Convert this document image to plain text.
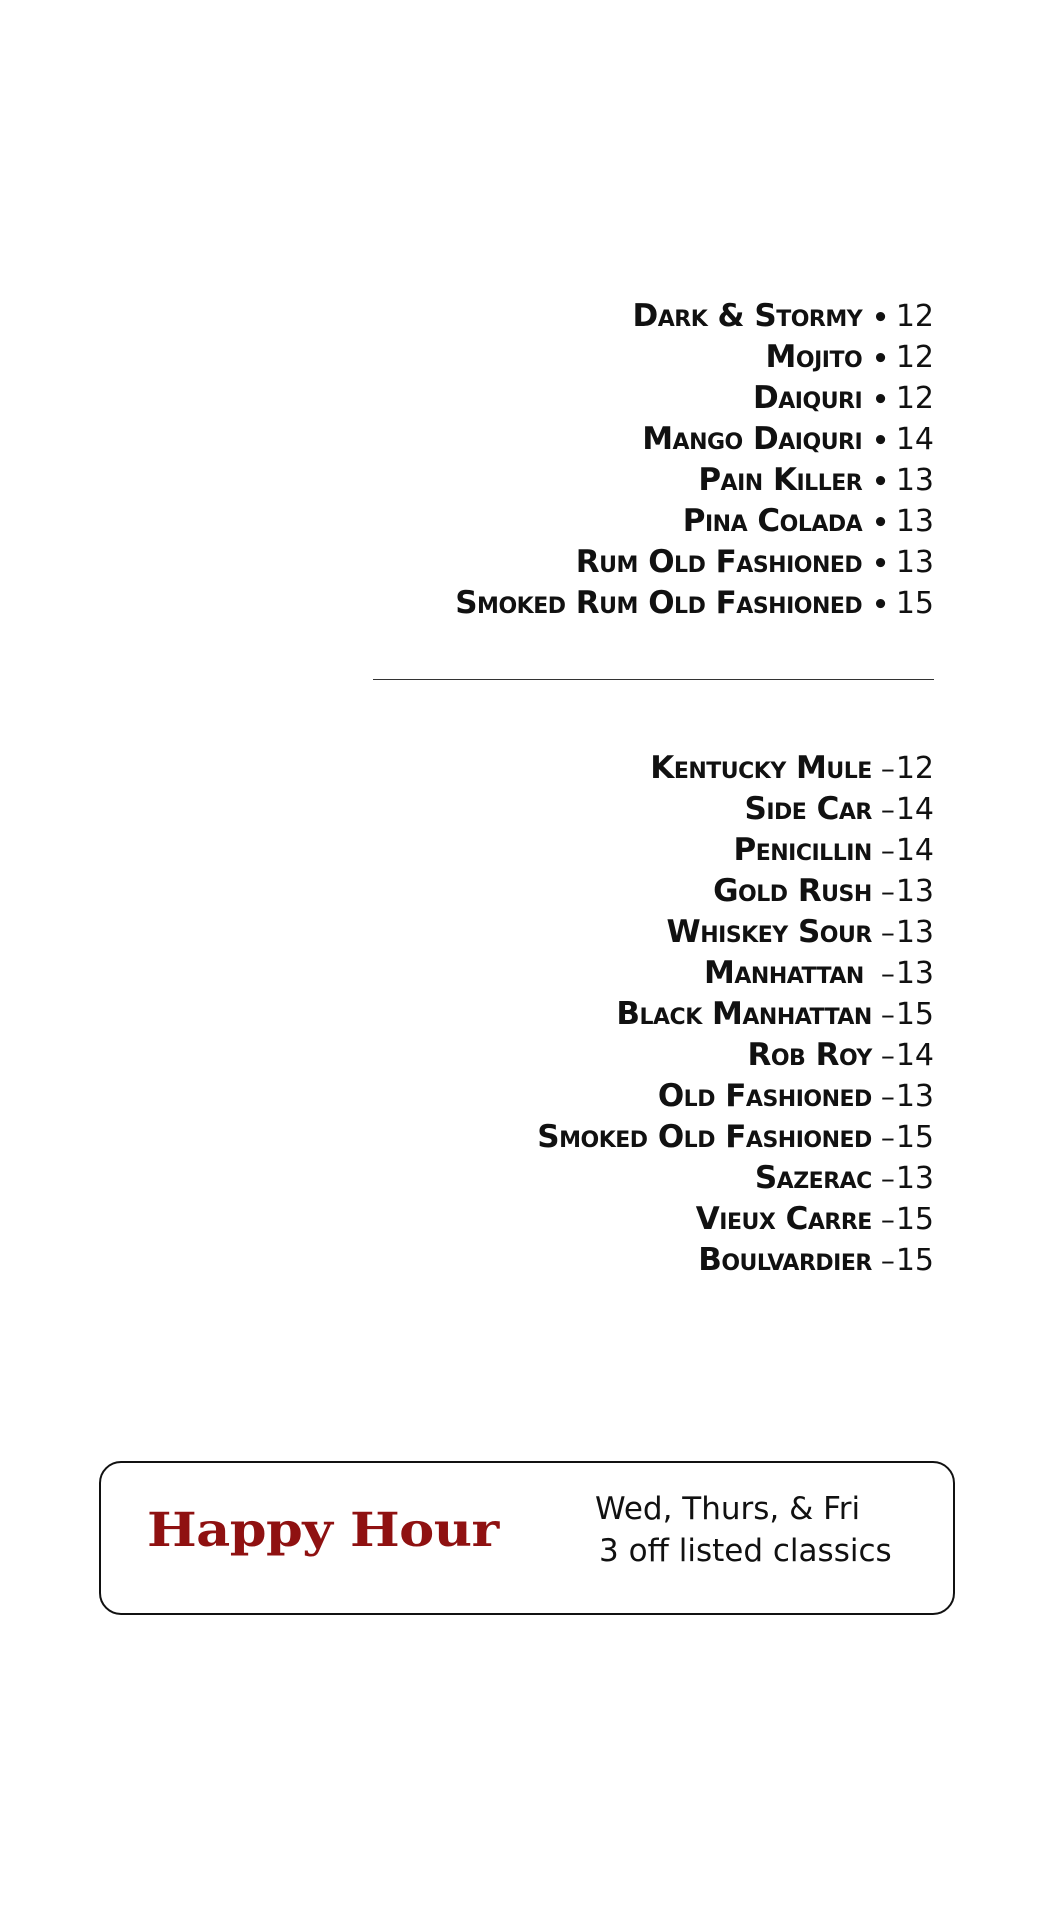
Dark & Stormy • 12
Mojito • 12
Daiquri • 12
Mango Daiquri • 14
Pain Killer • 13
Pina Colada • 13
Rum Old Fashioned • 13
Smoked Rum Old Fashioned • 15
Kentucky Mule – 12
Side Car – 14
Penicillin – 14
Gold Rush – 13
Whiskey Sour – 13
Manhattan – 13
Black Manhattan – 15
Rob Roy – 14
Old Fashioned – 13
Smoked Old Fashioned – 15
Sazerac – 13
Vieux Carre – 15
Boulvardier – 15
Happy Hour	Wed, Thurs, & Fri
3 off listed classics
